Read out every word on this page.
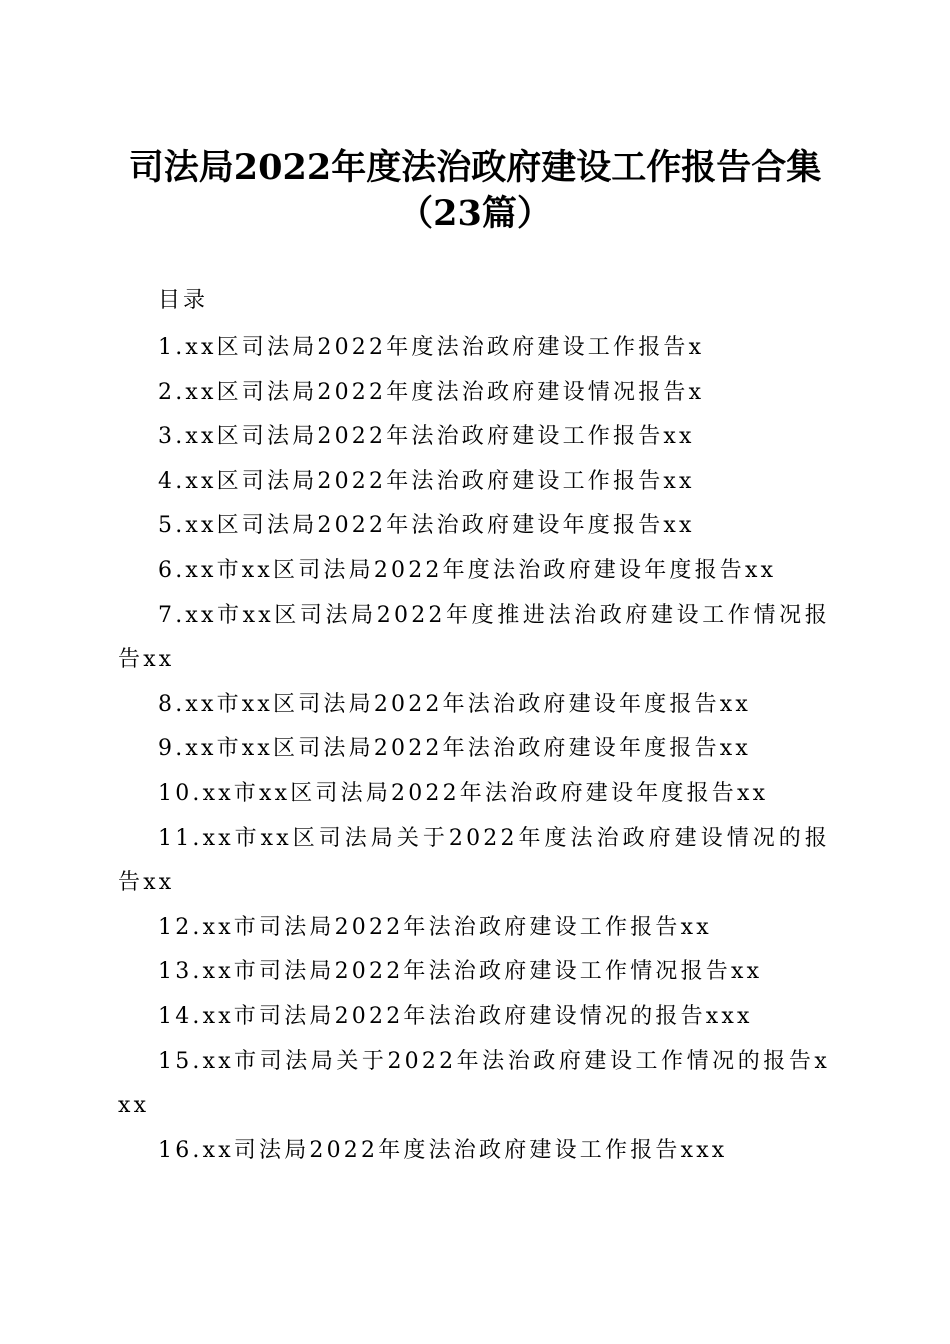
司法局2022年度法治政府建设工作报告合集
（23篇）
目录
1.xx区司法局2022年度法治政府建设工作报告x
2.xx区司法局2022年度法治政府建设情况报告x
3.xx区司法局2022年法治政府建设工作报告xx
4.xx区司法局2022年法治政府建设工作报告xx
5.xx区司法局2022年法治政府建设年度报告xx
6.xx市xx区司法局2022年度法治政府建设年度报告xx
7.xx市xx区司法局2022年度推进法治政府建设工作情况报告xx
8.xx市xx区司法局2022年法治政府建设年度报告xx
9.xx市xx区司法局2022年法治政府建设年度报告xx
10.xx市xx区司法局2022年法治政府建设年度报告xx
11.xx市xx区司法局关于2022年度法治政府建设情况的报告xx
12.xx市司法局2022年法治政府建设工作报告xx
13.xx市司法局2022年法治政府建设工作情况报告xx
14.xx市司法局2022年法治政府建设情况的报告xxx
15.xx市司法局关于2022年法治政府建设工作情况的报告xxx
16.xx司法局2022年度法治政府建设工作报告xxx
